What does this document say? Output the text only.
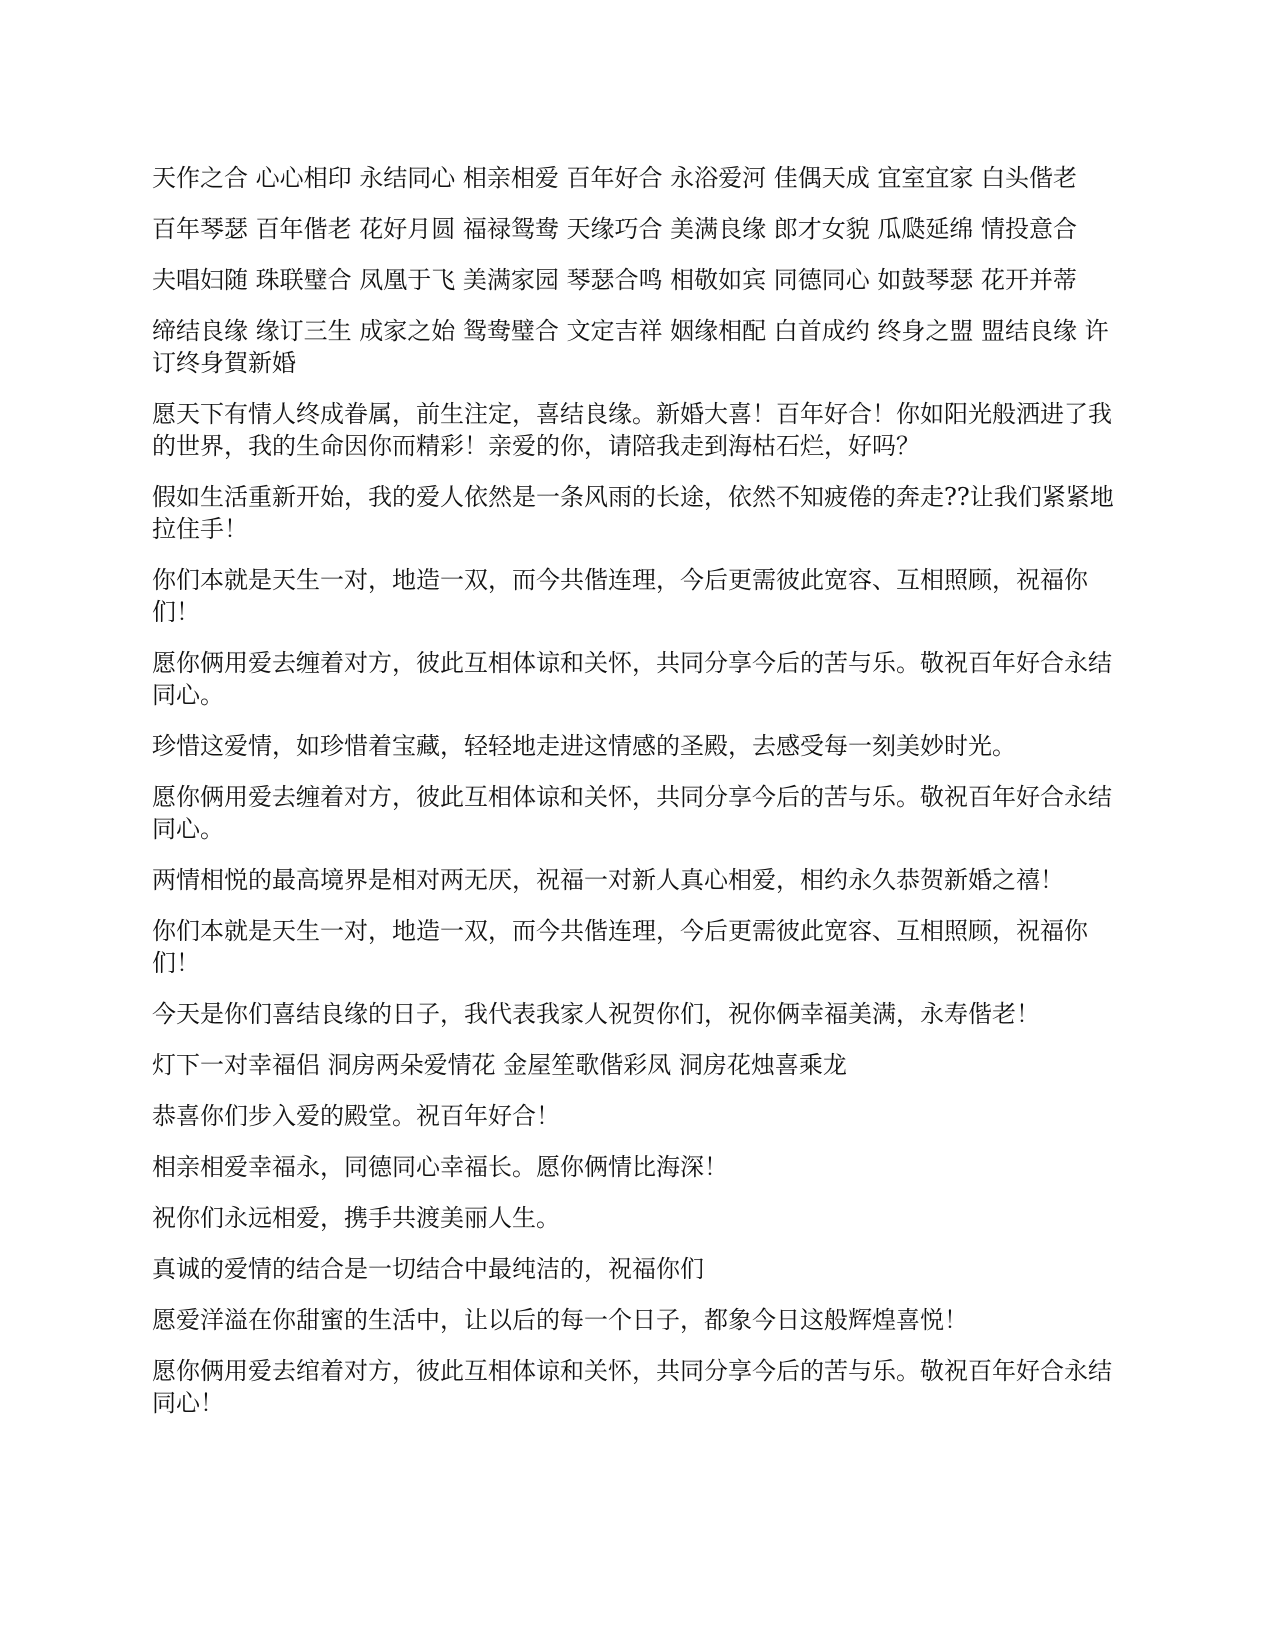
天作之合 心心相印 永结同心 相亲相爱 百年好合 永浴爱河 佳偶天成 宜室宜家 白头偕老

百年琴瑟 百年偕老 花好月圆 福禄鸳鸯 天缘巧合 美满良缘 郎才女貌 瓜瓞延绵 情投意合

夫唱妇随 珠联璧合 凤凰于飞 美满家园 琴瑟合鸣 相敬如宾 同德同心 如鼓琴瑟 花开并蒂

缔结良缘 缘订三生 成家之始 鸳鸯璧合 文定吉祥 姻缘相配 白首成约 终身之盟 盟结良缘 许订终身賀新婚

愿天下有情人终成眷属，前生注定，喜结良缘。新婚大喜！百年好合！你如阳光般洒进了我的世界，我的生命因你而精彩！亲爱的你，请陪我走到海枯石烂，好吗？

假如生活重新开始，我的爱人依然是一条风雨的长途，依然不知疲倦的奔走??让我们紧紧地拉住手！

你们本就是天生一对，地造一双，而今共偕连理，今后更需彼此宽容、互相照顾，祝福你们！

愿你俩用爱去缠着对方，彼此互相体谅和关怀，共同分享今后的苦与乐。敬祝百年好合永结同心。

珍惜这爱情，如珍惜着宝藏，轻轻地走进这情感的圣殿，去感受每一刻美妙时光。

愿你俩用爱去缠着对方，彼此互相体谅和关怀，共同分享今后的苦与乐。敬祝百年好合永结同心。

两情相悦的最高境界是相对两无厌，祝福一对新人真心相爱，相约永久恭贺新婚之禧！

你们本就是天生一对，地造一双，而今共偕连理，今后更需彼此宽容、互相照顾，祝福你们！

今天是你们喜结良缘的日子，我代表我家人祝贺你们，祝你俩幸福美满，永寿偕老！

灯下一对幸福侣 洞房两朵爱情花 金屋笙歌偕彩凤 洞房花烛喜乘龙

恭喜你们步入爱的殿堂。祝百年好合！

相亲相爱幸福永，同德同心幸福长。愿你俩情比海深！

祝你们永远相爱，携手共渡美丽人生。

真诚的爱情的结合是一切结合中最纯洁的，祝福你们

愿爱洋溢在你甜蜜的生活中，让以后的每一个日子，都象今日这般辉煌喜悦！

愿你俩用爱去绾着对方，彼此互相体谅和关怀，共同分享今后的苦与乐。敬祝百年好合永结同心！
